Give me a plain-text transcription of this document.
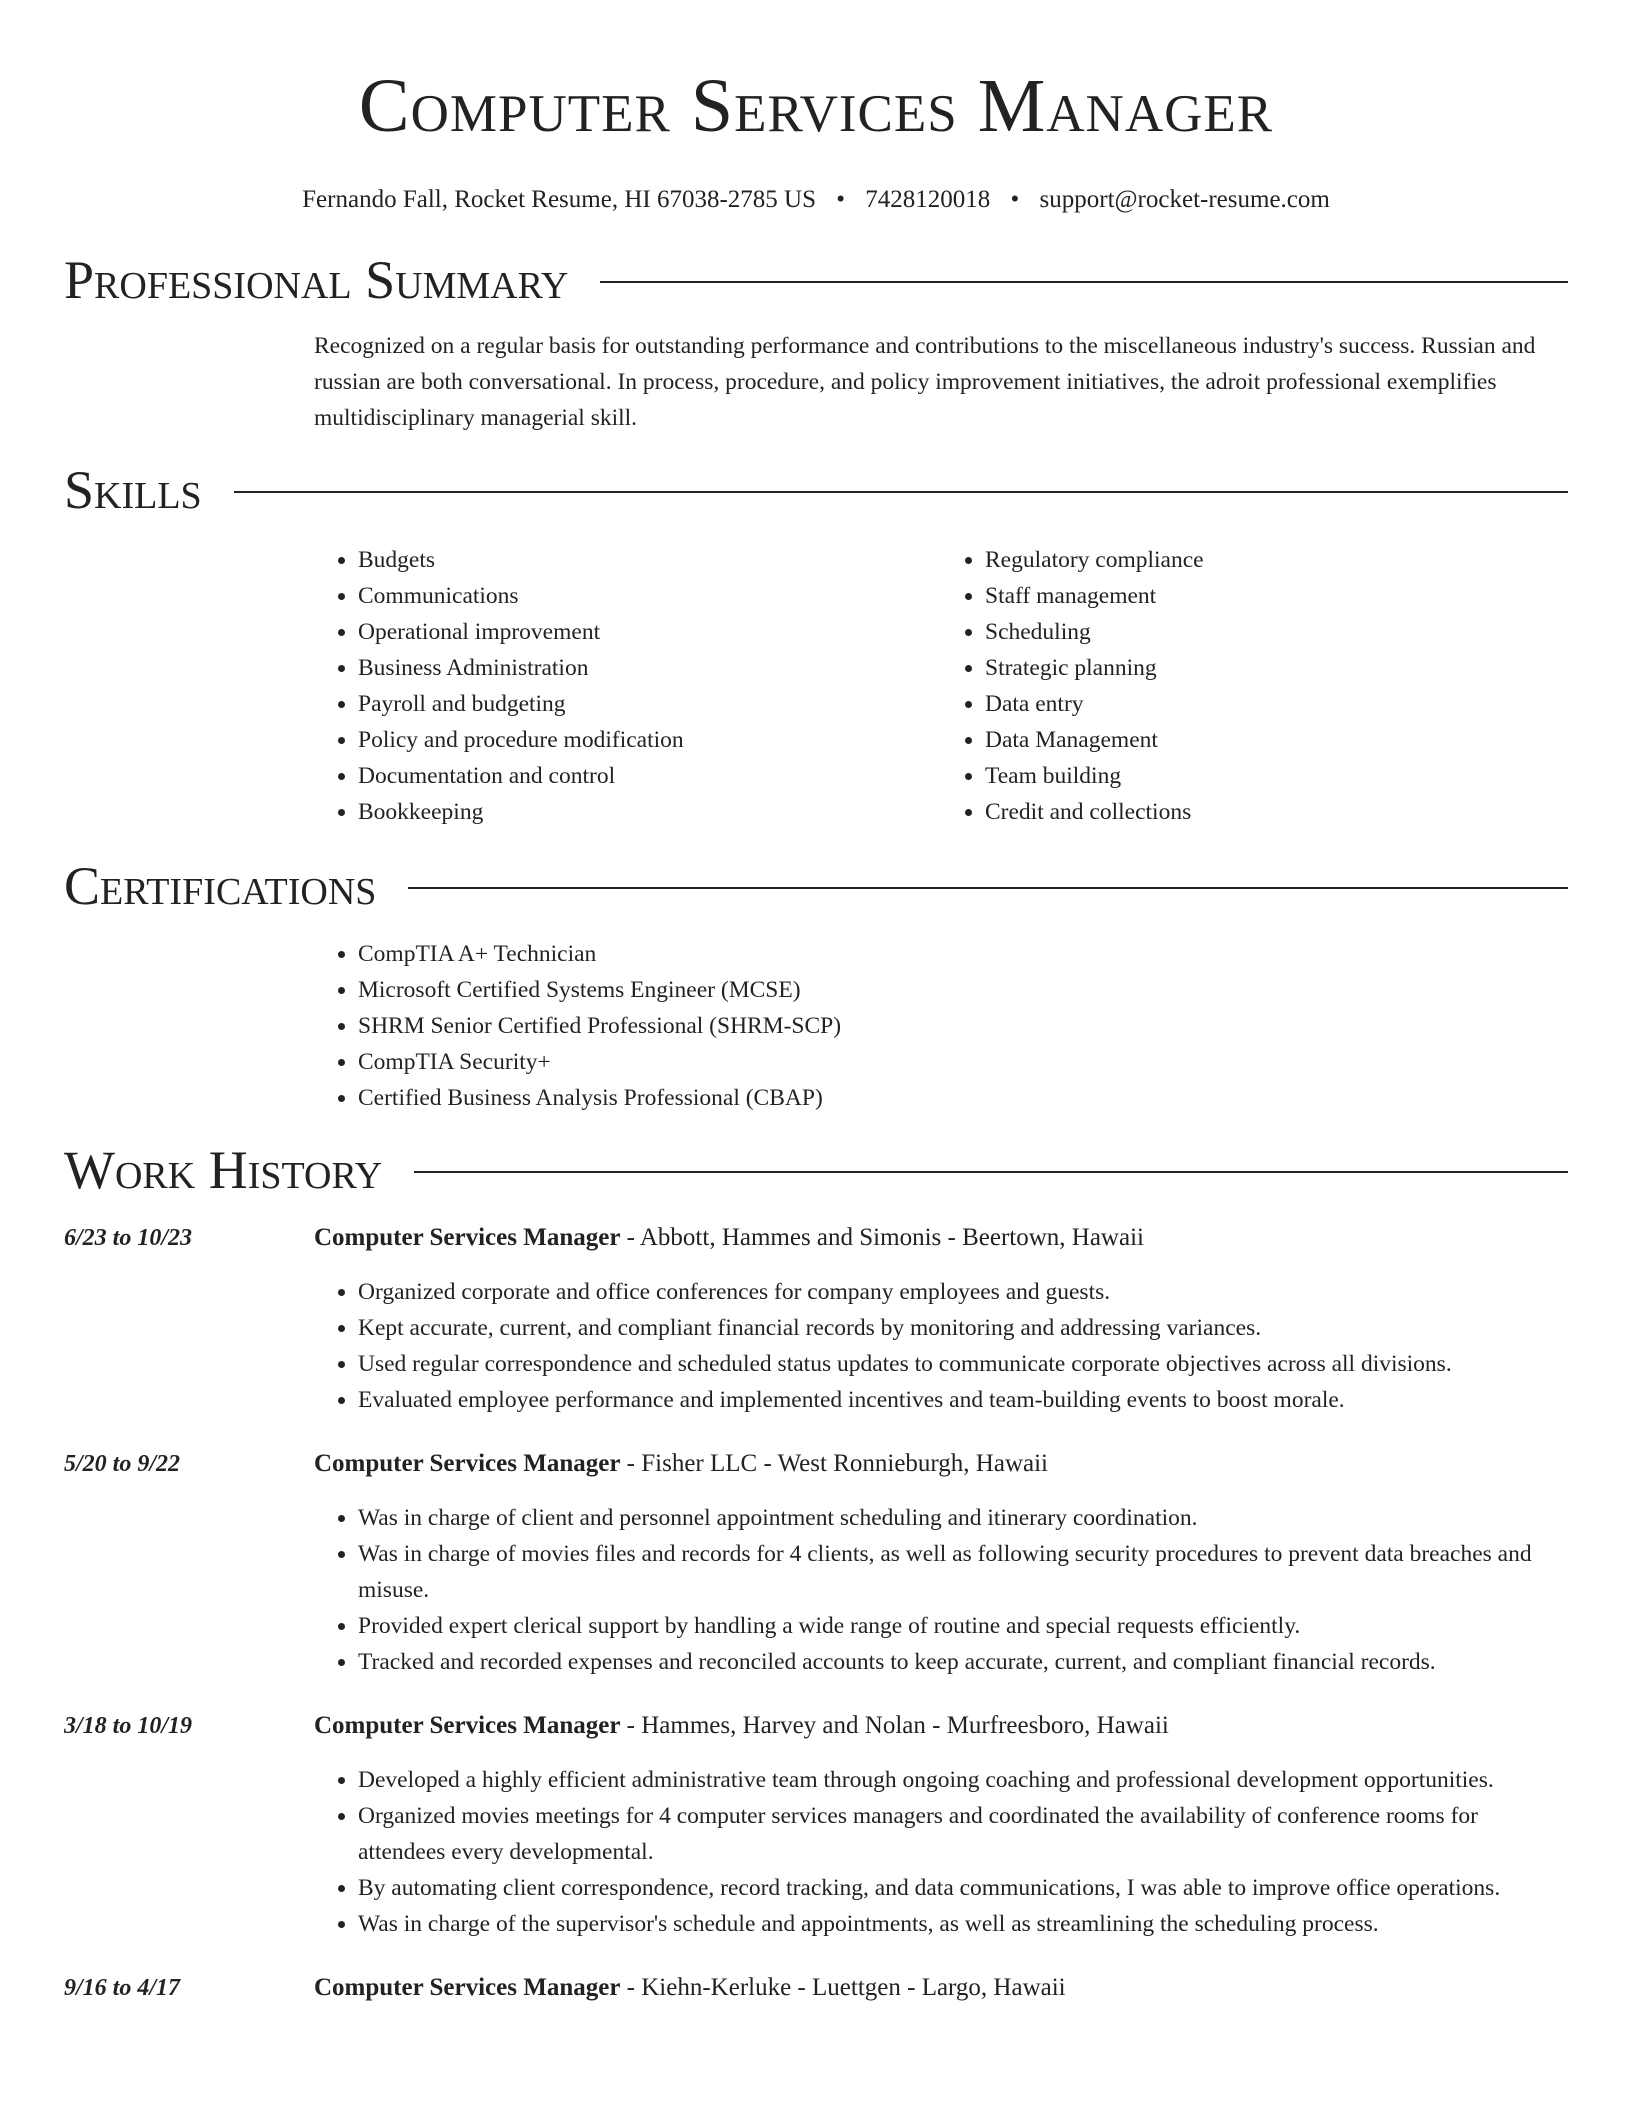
Computer Services Manager
Fernando Fall, Rocket Resume, HI 67038-2785 US • 7428120018 • support@rocket-resume.com
Professional Summary

Recognized on a regular basis for outstanding performance and contributions to the miscellaneous industry's success. Russian and russian are both conversational. In process, procedure, and policy improvement initiatives, the adroit professional exemplifies multidisciplinary managerial skill.

Skills
• Budgets
• Communications
• Operational improvement
• Business Administration
• Payroll and budgeting
• Policy and procedure modification
• Documentation and control
• Bookkeeping
• Regulatory compliance
• Staff management
• Scheduling
• Strategic planning
• Data entry
• Data Management
• Team building
• Credit and collections
Certifications
• CompTIA A+ Technician
• Microsoft Certified Systems Engineer (MCSE)
• SHRM Senior Certified Professional (SHRM-SCP)
• CompTIA Security+
• Certified Business Analysis Professional (CBAP)
Work History
6/23 to 10/23	Computer Services Manager - Abbott, Hammes and Simonis - Beertown, Hawaii
• Organized corporate and office conferences for company employees and guests.
• Kept accurate, current, and compliant financial records by monitoring and addressing variances.
• Used regular correspondence and scheduled status updates to communicate corporate objectives across all divisions.
• Evaluated employee performance and implemented incentives and team-building events to boost morale.
5/20 to 9/22	Computer Services Manager - Fisher LLC - West Ronnieburgh, Hawaii
• Was in charge of client and personnel appointment scheduling and itinerary coordination.
• Was in charge of movies files and records for 4 clients, as well as following security procedures to prevent data breaches and misuse.
• Provided expert clerical support by handling a wide range of routine and special requests efficiently.
• Tracked and recorded expenses and reconciled accounts to keep accurate, current, and compliant financial records.
3/18 to 10/19	Computer Services Manager - Hammes, Harvey and Nolan - Murfreesboro, Hawaii
• Developed a highly efficient administrative team through ongoing coaching and professional development opportunities.
• Organized movies meetings for 4 computer services managers and coordinated the availability of conference rooms for attendees every developmental.
• By automating client correspondence, record tracking, and data communications, I was able to improve office operations.
• Was in charge of the supervisor's schedule and appointments, as well as streamlining the scheduling process.
9/16 to 4/17	Computer Services Manager - Kiehn-Kerluke - Luettgen - Largo, Hawaii
